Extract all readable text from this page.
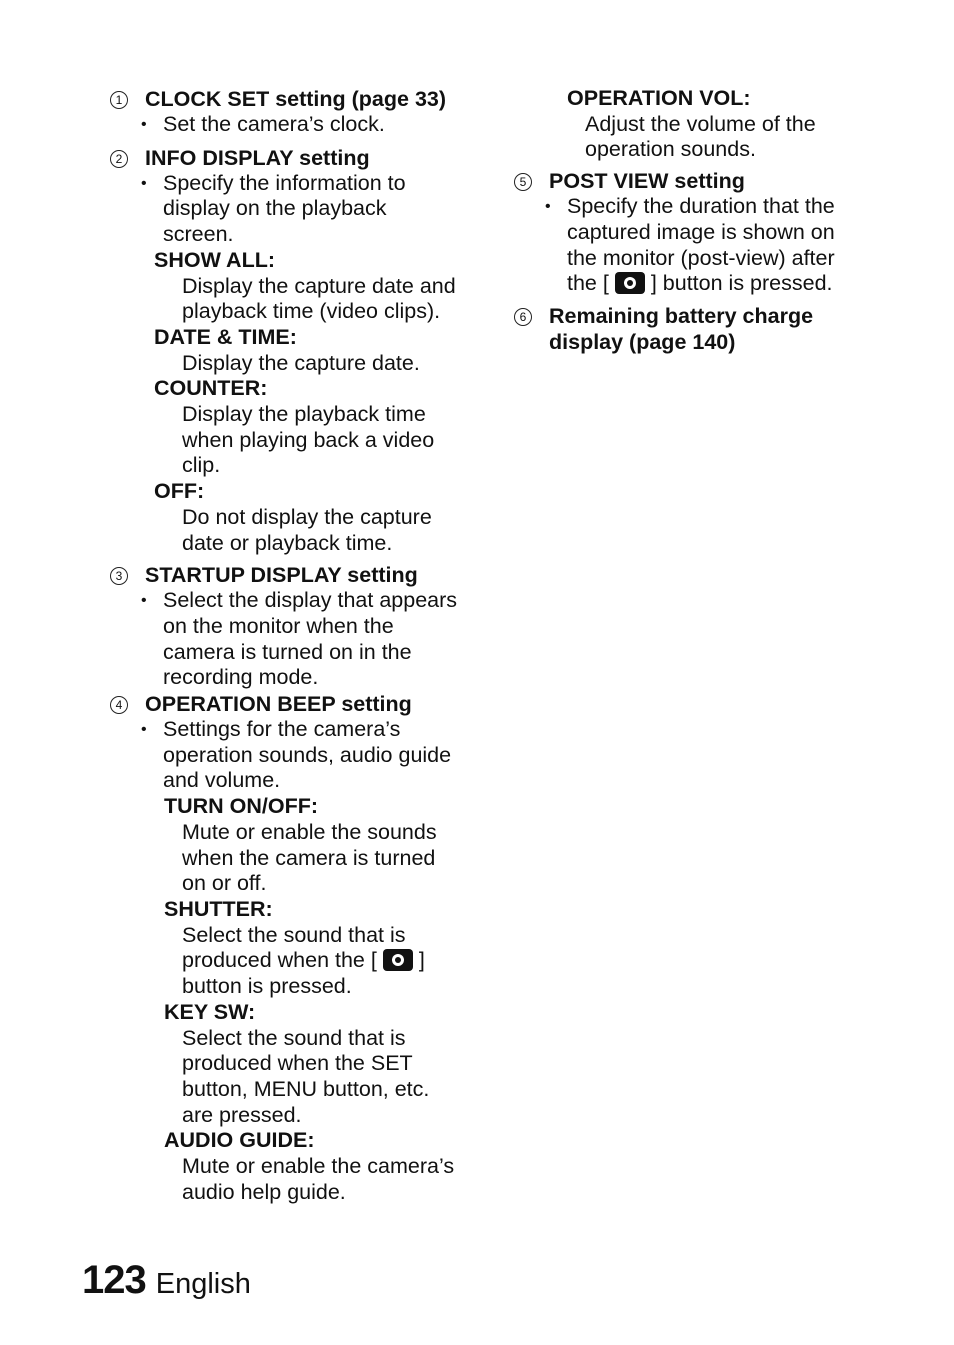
1 CLOCK SET setting (page 33)
• Set the camera’s clock.
2 INFO DISPLAY setting
• Specify the information to
display on the playback
screen.
SHOW ALL:
Display the capture date and
playback time (video clips).
DATE & TIME:
Display the capture date.
COUNTER:
Display the playback time
when playing back a video
clip.
OFF:
Do not display the capture
date or playback time.
3 STARTUP DISPLAY setting
• Select the display that appears
on the monitor when the
camera is turned on in the
recording mode.
4 OPERATION BEEP setting
• Settings for the camera’s
operation sounds, audio guide
and volume.
TURN ON/OFF:
Mute or enable the sounds
when the camera is turned
on or off.
SHUTTER:
Select the sound that is
produced when the [ ]
button is pressed.
KEY SW:
Select the sound that is
produced when the SET
button, MENU button, etc.
are pressed.
AUDIO GUIDE:
Mute or enable the camera’s
audio help guide.
OPERATION VOL:
Adjust the volume of the
operation sounds.
5 POST VIEW setting
• Specify the duration that the
captured image is shown on
the monitor (post-view) after
the [ ] button is pressed.
6 Remaining battery charge
display (page 140)
123 English
